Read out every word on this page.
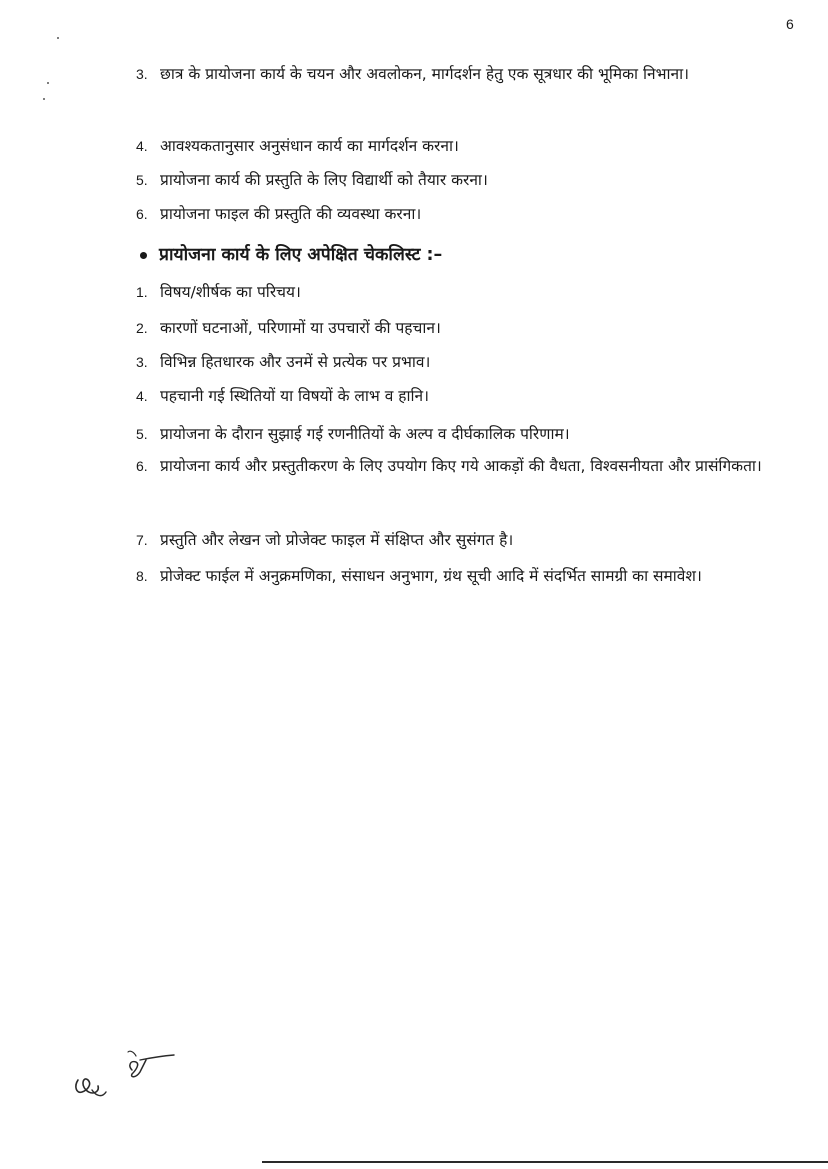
6
3. छात्र के प्रायोजना कार्य के चयन और अवलोकन, मार्गदर्शन हेतु एक सूत्रधार की भूमिका निभाना।
4. आवश्यकतानुसार अनुसंधान कार्य का मार्गदर्शन करना।
5. प्रायोजना कार्य की प्रस्तुति के लिए विद्यार्थी को तैयार करना।
6. प्रायोजना फाइल की प्रस्तुति की व्यवस्था करना।
प्रायोजना कार्य के लिए अपेक्षित चेकलिस्ट :–
1. विषय/शीर्षक का परिचय।
2. कारणों घटनाओं, परिणामों या उपचारों की पहचान।
3. विभिन्न हितधारक और उनमें से प्रत्येक पर प्रभाव।
4. पहचानी गई स्थितियों या विषयों के लाभ व हानि।
5. प्रायोजना के दौरान सुझाई गई रणनीतियों के अल्प व दीर्घकालिक परिणाम।
6. प्रायोजना कार्य और प्रस्तुतीकरण के लिए उपयोग किए गये आकड़ों की वैधता, विश्वसनीयता और प्रासंगिकता।
7. प्रस्तुति और लेखन जो प्रोजेक्ट फाइल में संक्षिप्त और सुसंगत है।
8. प्रोजेक्ट फाईल में अनुक्रमणिका, संसाधन अनुभाग, ग्रंथ सूची आदि में संदर्भित सामग्री का समावेश।
